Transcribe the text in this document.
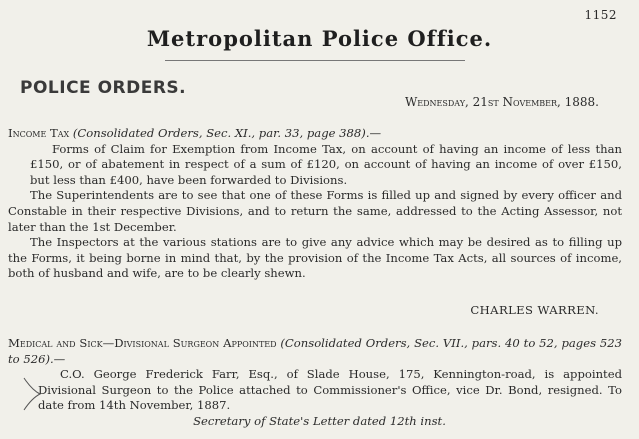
1152
Metropolitan Police Office.
POLICE ORDERS.
Wednesday, 21st November, 1888.
Income Tax (Consolidated Orders, Sec. XI., par. 33, page 388).—

Forms of Claim for Exemption from Income Tax, on account of having an income of less than £150, or of abatement in respect of a sum of £120, on account of having an income of over £150, but less than £400, have been forwarded to Divisions.

The Superintendents are to see that one of these Forms is filled up and signed by every officer and Constable in their respective Divisions, and to return the same, addressed to the Acting Assessor, not later than the 1st December.

The Inspectors at the various stations are to give any advice which may be desired as to filling up the Forms, it being borne in mind that, by the provision of the Income Tax Acts, all sources of income, both of husband and wife, are to be clearly shewn.

CHARLES WARREN.

Medical and Sick—Divisional Surgeon Appointed (Consolidated Orders, Sec. VII., pars. 40 to 52, pages 523 to 526).—

C.O. George Frederick Farr, Esq., of Slade House, 175, Kennington-road, is appointed Divisional Surgeon to the Police attached to Commissioner's Office, vice Dr. Bond, resigned. To date from 14th November, 1887.

Secretary of State's Letter dated 12th inst.
